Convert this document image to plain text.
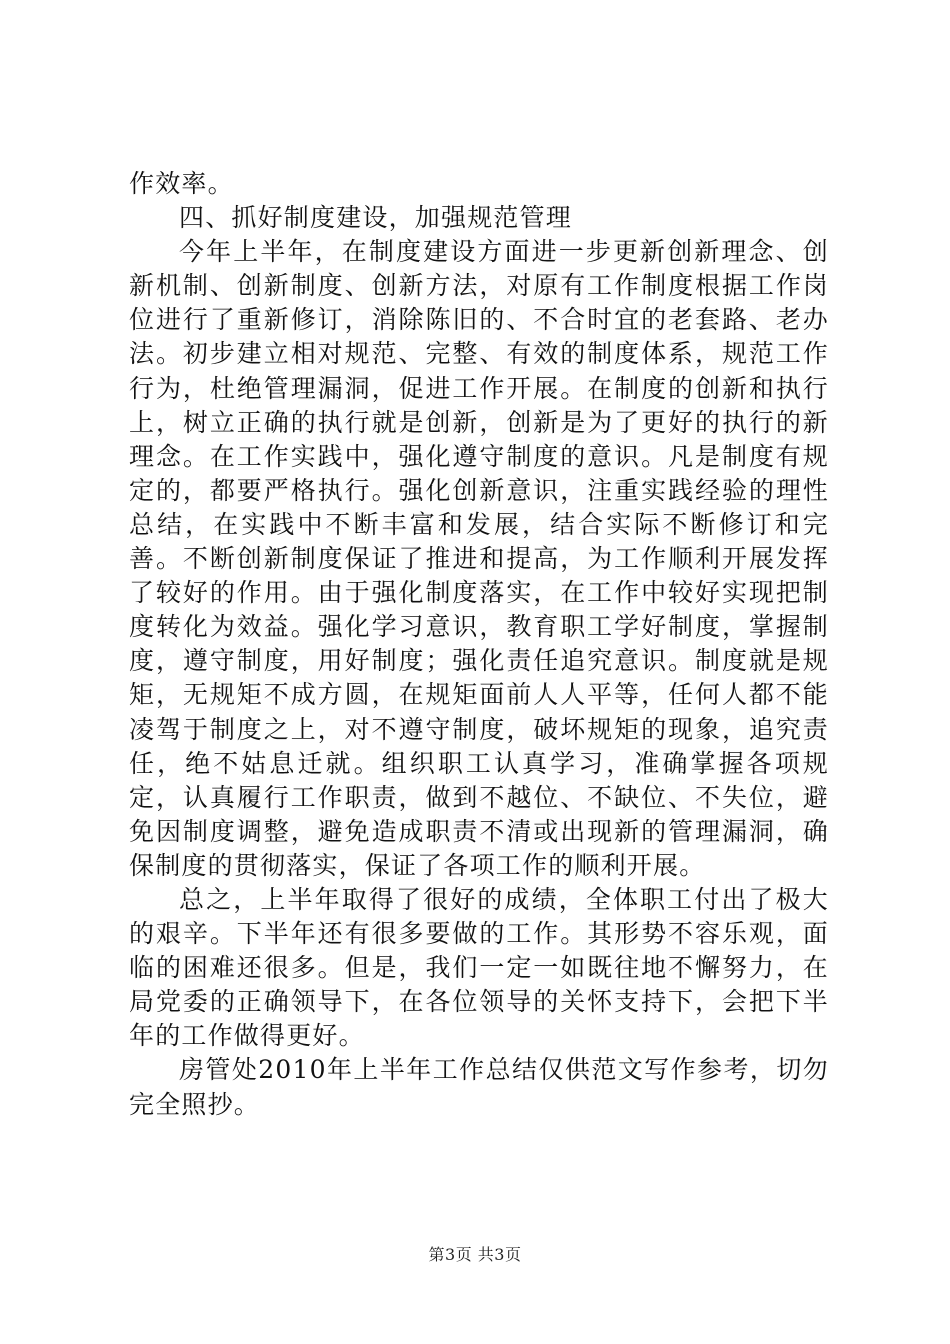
作效率。

四、抓好制度建设，加强规范管理

今年上半年，在制度建设方面进一步更新创新理念、创新机制、创新制度、创新方法，对原有工作制度根据工作岗位进行了重新修订，消除陈旧的、不合时宜的老套路、老办法。初步建立相对规范、完整、有效的制度体系，规范工作行为，杜绝管理漏洞，促进工作开展。在制度的创新和执行上，树立正确的执行就是创新，创新是为了更好的执行的新理念。在工作实践中，强化遵守制度的意识。凡是制度有规定的，都要严格执行。强化创新意识，注重实践经验的理性总结，在实践中不断丰富和发展，结合实际不断修订和完善。不断创新制度保证了推进和提高，为工作顺利开展发挥了较好的作用。由于强化制度落实，在工作中较好实现把制度转化为效益。强化学习意识，教育职工学好制度，掌握制度，遵守制度，用好制度；强化责任追究意识。制度就是规矩，无规矩不成方圆，在规矩面前人人平等，任何人都不能凌驾于制度之上，对不遵守制度，破坏规矩的现象，追究责任，绝不姑息迁就。组织职工认真学习，准确掌握各项规定，认真履行工作职责，做到不越位、不缺位、不失位，避免因制度调整，避免造成职责不清或出现新的管理漏洞，确保制度的贯彻落实，保证了各项工作的顺利开展。

总之，上半年取得了很好的成绩，全体职工付出了极大的艰辛。下半年还有很多要做的工作。其形势不容乐观，面临的困难还很多。但是，我们一定一如既往地不懈努力，在局党委的正确领导下，在各位领导的关怀支持下，会把下半年的工作做得更好。

房管处2010年上半年工作总结仅供范文写作参考，切勿完全照抄。

第3页 共3页
